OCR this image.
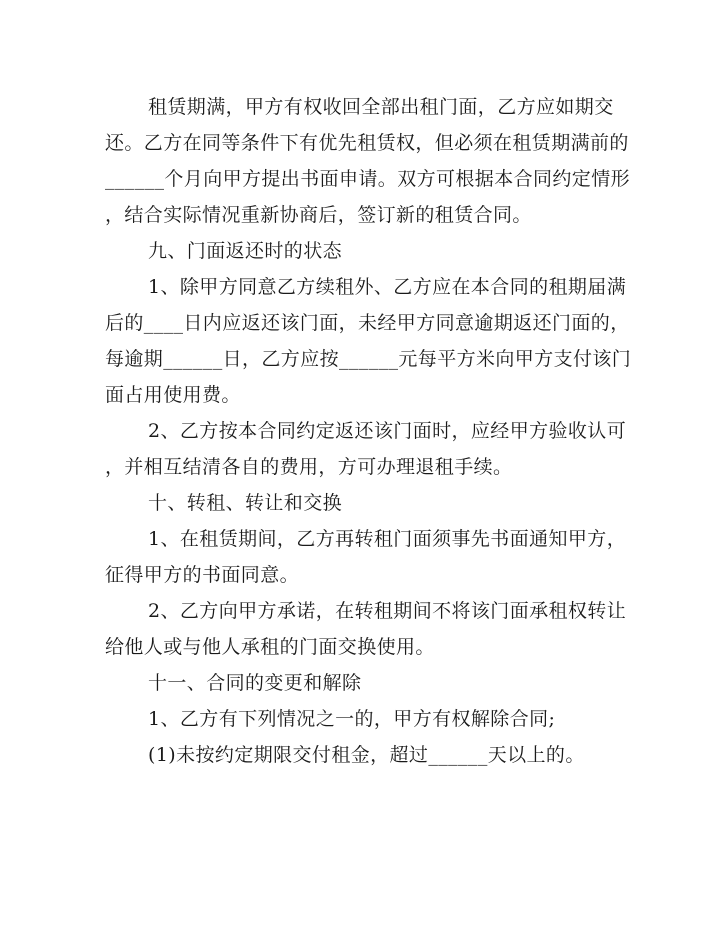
租赁期满，甲方有权收回全部出租门面，乙方应如期交
还。乙方在同等条件下有优先租赁权，但必须在租赁期满前的
______个月向甲方提出书面申请。双方可根据本合同约定情形
，结合实际情况重新协商后，签订新的租赁合同。
九、门面返还时的状态
1、除甲方同意乙方续租外、乙方应在本合同的租期届满
后的____日内应返还该门面，未经甲方同意逾期返还门面的，
每逾期______日，乙方应按______元每平方米向甲方支付该门
面占用使用费。
2、乙方按本合同约定返还该门面时，应经甲方验收认可
，并相互结清各自的费用，方可办理退租手续。
十、转租、转让和交换
1、在租赁期间，乙方再转租门面须事先书面通知甲方，
征得甲方的书面同意。
2、乙方向甲方承诺，在转租期间不将该门面承租权转让
给他人或与他人承租的门面交换使用。
十一、合同的变更和解除
1、乙方有下列情况之一的，甲方有权解除合同;
(1)未按约定期限交付租金，超过______天以上的。
